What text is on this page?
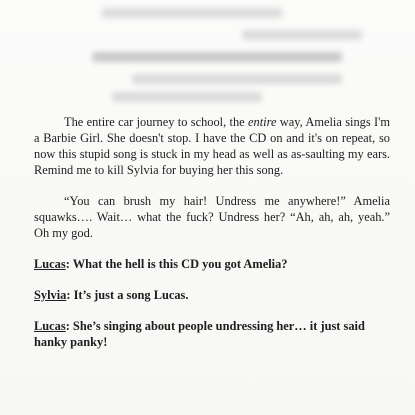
The entire car journey to school, the entire way, Amelia sings I'm a Barbie Girl. She doesn't stop. I have the CD on and it's on repeat, so now this stupid song is stuck in my head as well as as-saulting my ears. Remind me to kill Sylvia for buying her this song.

“You can brush my hair! Undress me anywhere!” Amelia squawks…. Wait… what the fuck? Undress her? “Ah, ah, ah, yeah.” Oh my god.

Lucas: What the hell is this CD you got Amelia?

Sylvia: It’s just a song Lucas.

Lucas: She’s singing about people undressing her… it just said hanky panky!
